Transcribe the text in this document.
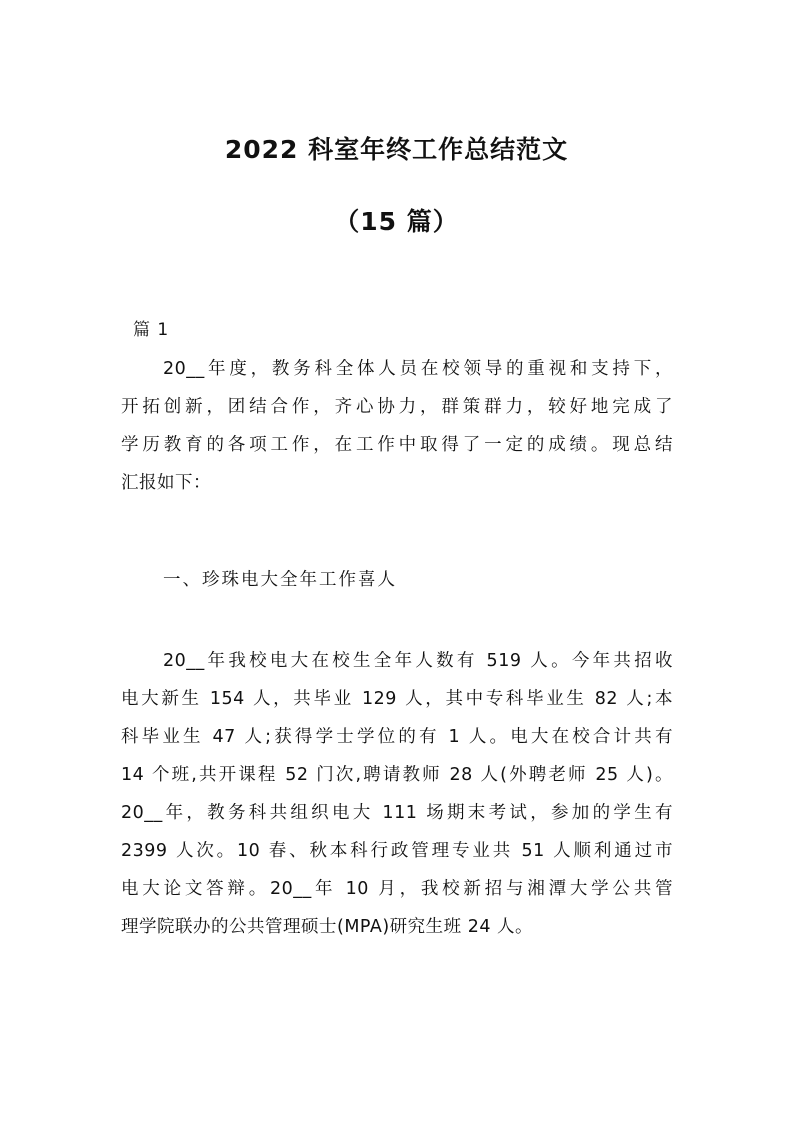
2022 科室年终工作总结范文
（15 篇）
篇 1
20__年度，教务科全体人员在校领导的重视和支持下，
开拓创新，团结合作，齐心协力，群策群力，较好地完成了
学历教育的各项工作，在工作中取得了一定的成绩。现总结
汇报如下：
一、珍珠电大全年工作喜人
20__年我校电大在校生全年人数有 519 人。今年共招收
电大新生 154 人，共毕业 129 人，其中专科毕业生 82 人;本
科毕业生 47 人;获得学士学位的有 1 人。电大在校合计共有
14 个班,共开课程 52 门次,聘请教师 28 人(外聘老师 25 人)。
20__年，教务科共组织电大 111 场期末考试，参加的学生有
2399 人次。10 春、秋本科行政管理专业共 51 人顺利通过市
电大论文答辩。20__年 10 月，我校新招与湘潭大学公共管
理学院联办的公共管理硕士(MPA)研究生班 24 人。
